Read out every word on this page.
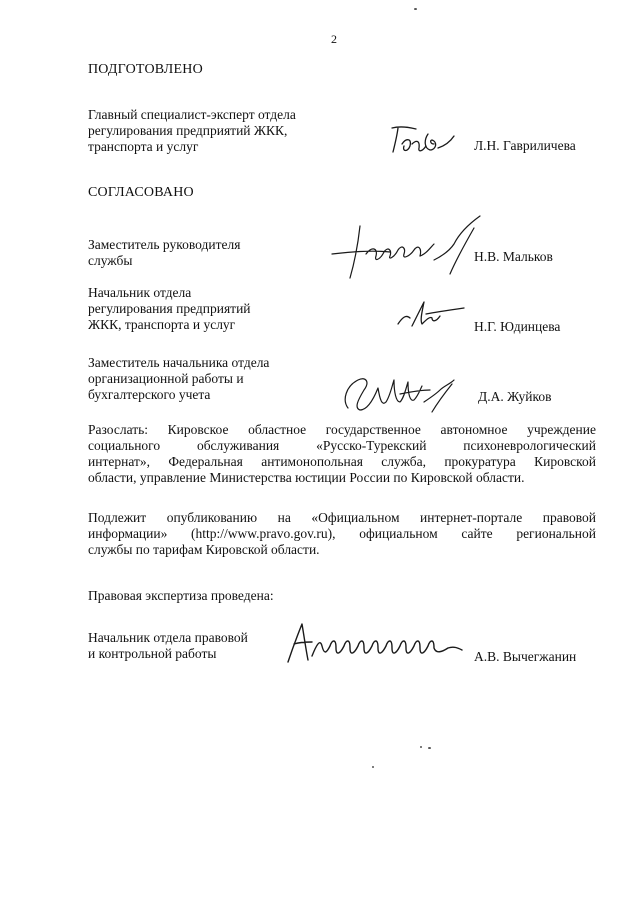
2
ПОДГОТОВЛЕНО
Главный специалист-эксперт отдела
регулирования предприятий ЖКК,
транспорта и услуг	Л.Н. Гавриличева
СОГЛАСОВАНО
Заместитель руководителя
службы	Н.В. Мальков
Начальник отдела
регулирования предприятий
ЖКК, транспорта и услуг	Н.Г. Юдинцева
Заместитель начальника отдела
организационной работы и
бухгалтерского учета	Д.А. Жуйков
Разослать: Кировское областное государственное автономное учреждение
социального обслуживания «Русско-Турекский психоневрологический
интернат», Федеральная антимонопольная служба, прокуратура Кировской
области, управление Министерства юстиции России по Кировской области.
Подлежит опубликованию на «Официальном интернет-портале правовой
информации» (http://www.pravo.gov.ru), официальном сайте региональной
службы по тарифам Кировской области.
Правовая экспертиза проведена:
Начальник отдела правовой
и контрольной работы	А.В. Вычегжанин
